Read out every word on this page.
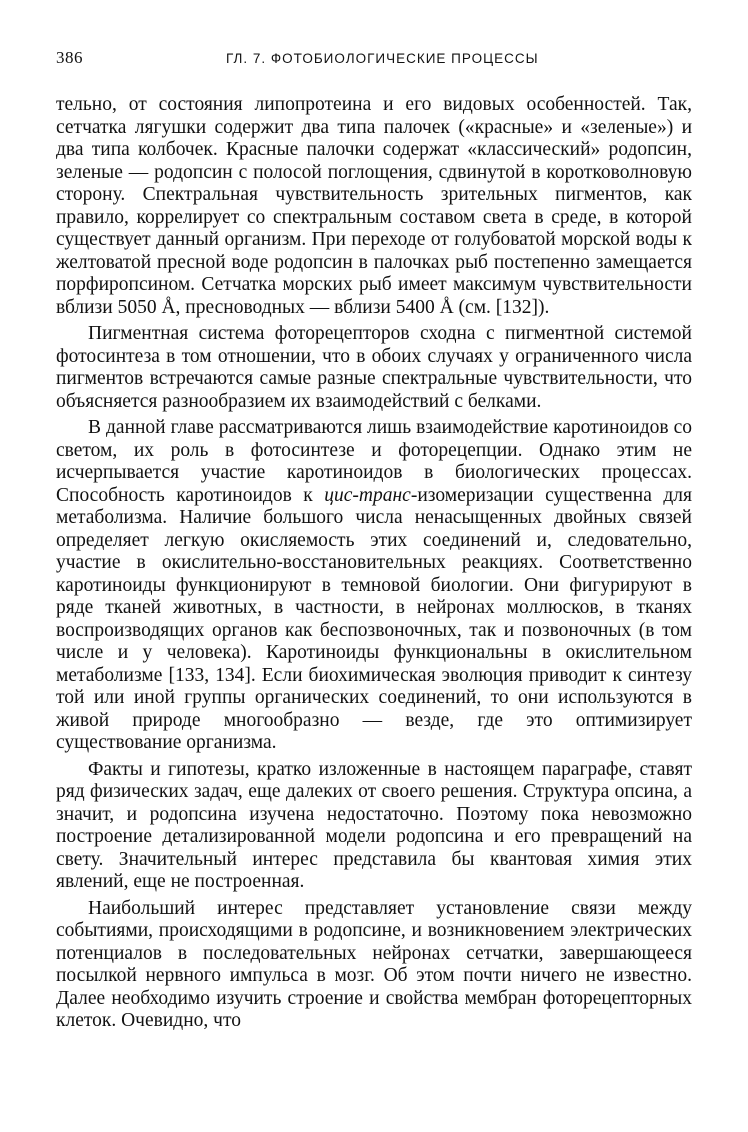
386	ГЛ. 7. ФОТОБИОЛОГИЧЕСКИЕ ПРОЦЕССЫ

тельно, от состояния липопротеина и его видовых особенностей. Так, сетчатка лягушки содержит два типа палочек («красные» и «зеленые») и два типа колбочек. Красные палочки содержат «классический» родопсин, зеленые — родопсин с полосой поглощения, сдвинутой в коротковолновую сторону. Спектральная чувствительность зрительных пигментов, как правило, коррелирует со спектральным составом света в среде, в которой существует данный организм. При переходе от голубоватой морской воды к желтоватой пресной воде родопсин в палочках рыб постепенно замещается порфиропсином. Сетчатка морских рыб имеет максимум чувствительности вблизи 5050 Å, пресноводных — вблизи 5400 Å (см. [132]).

Пигментная система фоторецепторов сходна с пигментной системой фотосинтеза в том отношении, что в обоих случаях у ограниченного числа пигментов встречаются самые разные спектральные чувствительности, что объясняется разнообразием их взаимодействий с белками.

В данной главе рассматриваются лишь взаимодействие каротиноидов со светом, их роль в фотосинтезе и фоторецепции. Однако этим не исчерпывается участие каротиноидов в биологических процессах. Способность каротиноидов к цис-транс-изомеризации существенна для метаболизма. Наличие большого числа ненасыщенных двойных связей определяет легкую окисляемость этих соединений и, следовательно, участие в окислительно-восстановительных реакциях. Соответственно каротиноиды функционируют в темновой биологии. Они фигурируют в ряде тканей животных, в частности, в нейронах моллюсков, в тканях воспроизводящих органов как беспозвоночных, так и позвоночных (в том числе и у человека). Каротиноиды функциональны в окислительном метаболизме [133, 134]. Если биохимическая эволюция приводит к синтезу той или иной группы органических соединений, то они используются в живой природе многообразно — везде, где это оптимизирует существование организма.

Факты и гипотезы, кратко изложенные в настоящем параграфе, ставят ряд физических задач, еще далеких от своего решения. Структура опсина, а значит, и родопсина изучена недостаточно. Поэтому пока невозможно построение детализированной модели родопсина и его превращений на свету. Значительный интерес представила бы квантовая химия этих явлений, еще не построенная.

Наибольший интерес представляет установление связи между событиями, происходящими в родопсине, и возникновением электрических потенциалов в последовательных нейронах сетчатки, завершающееся посылкой нервного импульса в мозг. Об этом почти ничего не известно. Далее необходимо изучить строение и свойства мембран фоторецепторных клеток. Очевидно, что
